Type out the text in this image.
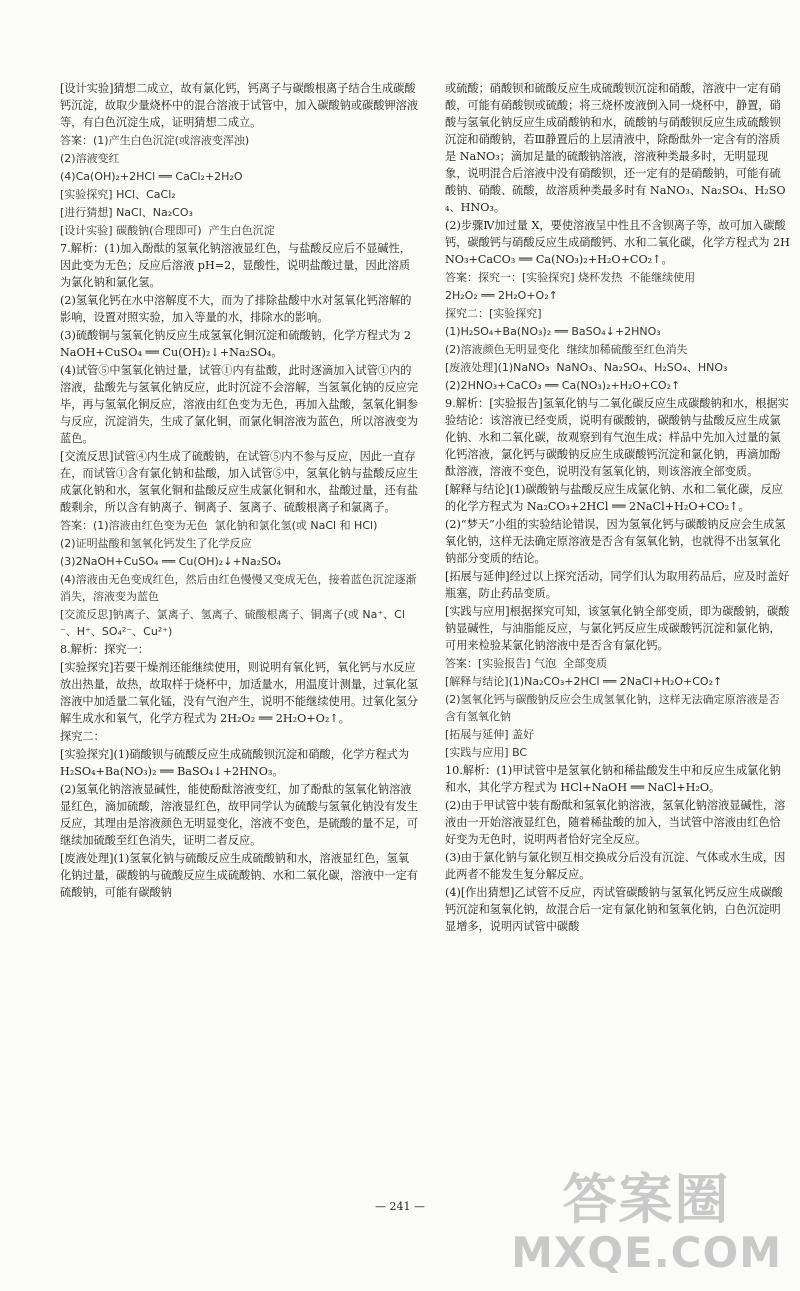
[设计实验]猜想二成立，故有氯化钙，钙离子与碳酸根离子结合生成碳酸钙沉淀，故取少量烧杯中的混合溶液于试管中，加入碳酸钠或碳酸钾溶液等，有白色沉淀生成，证明猜想二成立。
答案：(1)产生白色沉淀(或溶液变浑浊)
(2)溶液变红
(4)Ca(OH)₂+2HCl ══ CaCl₂+2H₂O
[实验探究] HCl、CaCl₂
[进行猜想] NaCl、Na₂CO₃
[设计实验] 碳酸钠(合理即可)  产生白色沉淀
7.解析：(1)加入酚酞的氢氧化钠溶液显红色，与盐酸反应后不显碱性，因此变为无色；反应后溶液 pH=2，显酸性，说明盐酸过量，因此溶质为氯化钠和氯化氢。
(2)氢氧化钙在水中溶解度不大，而为了排除盐酸中水对氢氧化钙溶解的影响，设置对照实验，加入等量的水，排除水的影响。
(3)硫酸铜与氢氧化钠反应生成氢氧化铜沉淀和硫酸钠，化学方程式为 2NaOH+CuSO₄ ══ Cu(OH)₂↓+Na₂SO₄。
(4)试管⑤中氢氧化钠过量，试管①内有盐酸，此时逐滴加入试管①内的溶液，盐酸先与氢氧化钠反应，此时沉淀不会溶解，当氢氧化钠的反应完毕，再与氢氧化铜反应，溶液由红色变为无色，再加入盐酸，氢氧化铜参与反应，沉淀消失，生成了氯化铜，而氯化铜溶液为蓝色，所以溶液变为蓝色。
[交流反思]试管④内生成了硫酸钠，在试管⑤内不参与反应，因此一直存在，而试管①含有氯化钠和盐酸，加入试管⑤中，氢氧化钠与盐酸反应生成氯化钠和水，氢氧化铜和盐酸反应生成氯化铜和水，盐酸过量，还有盐酸剩余，所以含有钠离子、铜离子、氢离子、硫酸根离子和氯离子。
答案：(1)溶液由红色变为无色  氯化钠和氯化氢(或 NaCl 和 HCl)
(2)证明盐酸和氢氧化钙发生了化学反应
(3)2NaOH+CuSO₄ ══ Cu(OH)₂↓+Na₂SO₄
(4)溶液由无色变成红色，然后由红色慢慢又变成无色，接着蓝色沉淀逐渐消失，溶液变为蓝色
[交流反思]钠离子、氯离子、氢离子、硫酸根离子、铜离子(或 Na⁺、Cl⁻、H⁺、SO₄²⁻、Cu²⁺)
8.解析：探究一：
[实验探究]若要干燥剂还能继续使用，则说明有氧化钙，氧化钙与水反应放出热量，故热，故取样于烧杯中，加适量水，用温度计测量，过氧化氢溶液中加适量二氧化锰，没有气泡产生，说明不能继续使用。过氧化氢分解生成水和氧气，化学方程式为 2H₂O₂ ══ 2H₂O+O₂↑。
探究二：
[实验探究](1)硝酸钡与硫酸反应生成硫酸钡沉淀和硝酸，化学方程式为 H₂SO₄+Ba(NO₃)₂ ══ BaSO₄↓+2HNO₃。
(2)氢氧化钠溶液显碱性，能使酚酞溶液变红，加了酚酞的氢氧化钠溶液显红色，滴加硫酸，溶液显红色，故甲同学认为硫酸与氢氧化钠没有发生反应，其理由是溶液颜色无明显变化，溶液不变色，是硫酸的量不足，可继续加硫酸至红色消失，证明二者反应。
[废液处理](1)氢氧化钠与硫酸反应生成硫酸钠和水，溶液显红色，氢氧化钠过量，碳酸钠与硫酸反应生成硫酸钠、水和二氧化碳，溶液中一定有硫酸钠，可能有碳酸钠
或硫酸；硝酸钡和硫酸反应生成硫酸钡沉淀和硝酸，溶液中一定有硝酸，可能有硝酸钡或硫酸；将三烧杯废液倒入同一烧杯中，静置，硝酸与氢氧化钠反应生成硝酸钠和水，硫酸钠与硝酸钡反应生成硫酸钡沉淀和硝酸钠，若Ⅲ静置后的上层清液中，除酚酞外一定含有的溶质是 NaNO₃；滴加足量的硫酸钠溶液，溶液种类最多时，无明显现象，说明混合后溶液中没有硝酸钡，还一定有的是硝酸钠，可能有硫酸钠、硝酸、硫酸，故溶质种类最多时有 NaNO₃、Na₂SO₄、H₂SO₄、HNO₃。
(2)步骤Ⅳ加过量 X，要使溶液呈中性且不含钡离子等，故可加入碳酸钙，碳酸钙与硝酸反应生成硝酸钙、水和二氧化碳，化学方程式为 2HNO₃+CaCO₃ ══ Ca(NO₃)₂+H₂O+CO₂↑。
答案：探究一：[实验探究] 烧杯发热  不能继续使用
2H₂O₂ ══ 2H₂O+O₂↑
探究二：[实验探究]
(1)H₂SO₄+Ba(NO₃)₂ ══ BaSO₄↓+2HNO₃
(2)溶液颜色无明显变化  继续加稀硫酸至红色消失
[废液处理](1)NaNO₃  NaNO₃、Na₂SO₄、H₂SO₄、HNO₃
(2)2HNO₃+CaCO₃ ══ Ca(NO₃)₂+H₂O+CO₂↑
9.解析：[实验报告]氢氧化钠与二氧化碳反应生成碳酸钠和水，根据实验结论：该溶液已经变质，说明有碳酸钠，碳酸钠与盐酸反应生成氯化钠、水和二氧化碳，故观察到有气泡生成；样品中先加入过量的氯化钙溶液，氯化钙与碳酸钠反应生成碳酸钙沉淀和氯化钠，再滴加酚酞溶液，溶液不变色，说明没有氢氧化钠，则该溶液全部变质。
[解释与结论](1)碳酸钠与盐酸反应生成氯化钠、水和二氧化碳，反应的化学方程式为 Na₂CO₃+2HCl ══ 2NaCl+H₂O+CO₂↑。
(2)“梦天”小组的实验结论错误，因为氢氧化钙与碳酸钠反应会生成氢氧化钠，这样无法确定原溶液是否含有氢氧化钠，也就得不出氢氧化钠部分变质的结论。
[拓展与延伸]经过以上探究活动，同学们认为取用药品后，应及时盖好瓶塞，防止药品变质。
[实践与应用]根据探究可知，该氢氧化钠全部变质，即为碳酸钠，碳酸钠显碱性，与油脂能反应，与氯化钙反应生成碳酸钙沉淀和氯化钠，可用来检验某氯化钠溶液中是否含有氯化钙。
答案：[实验报告] 气泡  全部变质
[解释与结论](1)Na₂CO₃+2HCl ══ 2NaCl+H₂O+CO₂↑
(2)氢氧化钙与碳酸钠反应会生成氢氧化钠，这样无法确定原溶液是否含有氢氧化钠
[拓展与延伸] 盖好
[实践与应用] BC
10.解析：(1)甲试管中是氢氧化钠和稀盐酸发生中和反应生成氯化钠和水，其化学方程式为 HCl+NaOH ══ NaCl+H₂O。
(2)由于甲试管中装有酚酞和氢氧化钠溶液，氢氧化钠溶液显碱性，溶液由一开始溶液显红色，随着稀盐酸的加入，当试管中溶液由红色恰好变为无色时，说明两者恰好完全反应。
(3)由于氯化钠与氯化钡互相交换成分后没有沉淀、气体或水生成，因此两者不能发生复分解反应。
(4)[作出猜想]乙试管不反应，丙试管碳酸钠与氢氧化钙反应生成碳酸钙沉淀和氢氧化钠，故混合后一定有氯化钠和氢氧化钠，白色沉淀明显增多，说明丙试管中碳酸
— 241 —	答案圈
MXQE.COM
